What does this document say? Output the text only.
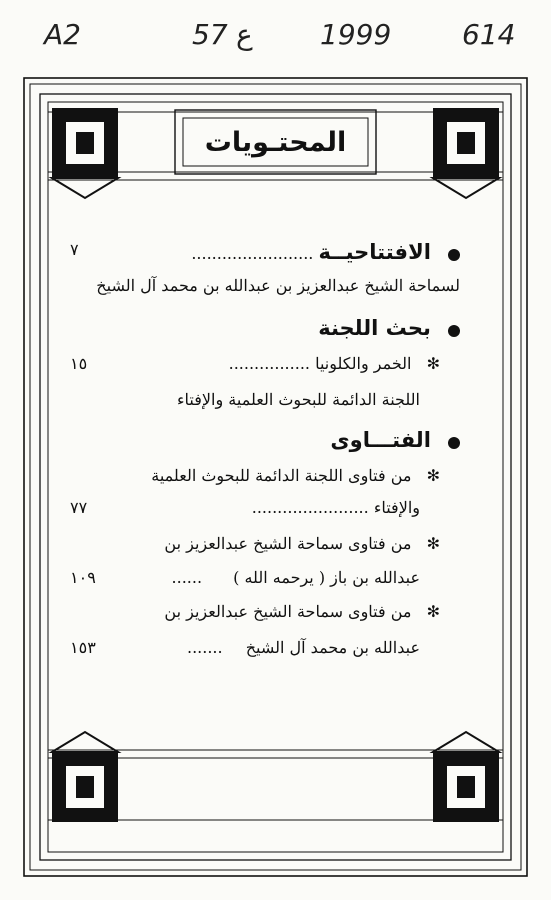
A2	57 ع 1999	614
المحتـويات
الافتتاحيــة ........................
٧
لسماحة الشيخ عبدالعزيز بن عبدالله بن محمد آل الشيخ
بحث اللجنة
✻ الخمر والكلونيا ................
١٥
اللجنة الدائمة للبحوث العلمية والإفتاء
الفتـــاوى
✻ من فتاوى اللجنة الدائمة للبحوث العلمية
والإفتاء .......................
٧٧
✻ من فتاوى سماحة الشيخ عبدالعزيز بن
عبدالله بن باز ( يرحمه الله ) ......
١٠٩
✻ من فتاوى سماحة الشيخ عبدالعزيز بن
عبدالله بن محمد آل الشيخ .......
١٥٣
